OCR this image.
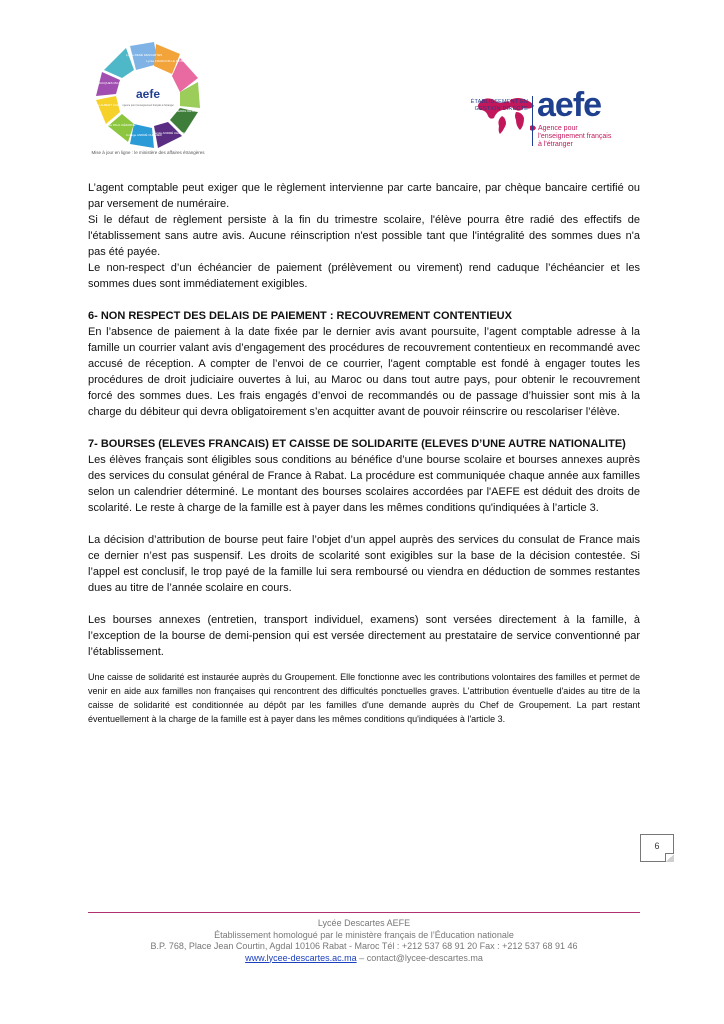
aefe
Agence pour l'enseignement français à l'étranger
Lycée RENÉ DESCARTES
Lycée FRANCOIS LE MONTLIGNE
École PIERRE DE RONSARD
École ANDRÉ CHÉNIER
Collège ANDRÉ CHÉNIER
École PAUL CÉZANNE
École ALBERT CAMUS
Centre JACQUES MAJORELLE
Mise à jour en ligne : le ministère des affaires étrangères
ÉTABLISSEMENT EN GESTION DIRECTE aefe
Agence pour
l'enseignement français
à l'étranger

L’agent comptable peut exiger que le règlement intervienne par carte bancaire, par chèque bancaire certifié ou par versement de numéraire.

Si le défaut de règlement persiste à la fin du trimestre scolaire, l'élève pourra être radié des effectifs de l'établissement sans autre avis. Aucune réinscription n'est possible tant que l'intégralité des sommes dues n'a pas été payée.

Le non-respect d’un échéancier de paiement (prélèvement ou virement) rend caduque l’échéancier et les sommes dues sont immédiatement exigibles.

6- NON RESPECT DES DELAIS DE PAIEMENT : RECOUVREMENT CONTENTIEUX

En l’absence de paiement à la date fixée par le dernier avis avant poursuite, l’agent comptable adresse à la famille un courrier valant avis d’engagement des procédures de recouvrement contentieux en recommandé avec accusé de réception. A compter de l’envoi de ce courrier, l'agent comptable est fondé à engager toutes les procédures de droit judiciaire ouvertes à lui, au Maroc ou dans tout autre pays, pour obtenir le recouvrement forcé des sommes dues. Les frais engagés d’envoi de recommandés ou de passage d’huissier sont mis à la charge du débiteur qui devra obligatoirement s’en acquitter avant de pouvoir réinscrire ou rescolariser l’élève.

7- BOURSES (ELEVES FRANCAIS) ET CAISSE DE SOLIDARITE (ELEVES D’UNE AUTRE NATIONALITE)

Les élèves français sont éligibles sous conditions au bénéfice d’une bourse scolaire et bourses annexes auprès des services du consulat général de France à Rabat. La procédure est communiquée chaque année aux familles selon un calendrier déterminé. Le montant des bourses scolaires accordées par l'AEFE est déduit des droits de scolarité. Le reste à charge de la famille est à payer dans les mêmes conditions qu'indiquées à l’article 3.

La décision d’attribution de bourse peut faire l’objet d’un appel auprès des services du consulat de France mais ce dernier n’est pas suspensif. Les droits de scolarité sont exigibles sur la base de la décision contestée. Si l’appel est conclusif, le trop payé de la famille lui sera remboursé ou viendra en déduction de sommes restantes dues au titre de l’année scolaire en cours.

Les bourses annexes (entretien, transport individuel, examens) sont versées directement à la famille, à l’exception de la bourse de demi-pension qui est versée directement au prestataire de service conventionné par l’établissement.

Une caisse de solidarité est instaurée auprès du Groupement. Elle fonctionne avec les contributions volontaires des familles et permet de venir en aide aux familles non françaises qui rencontrent des difficultés ponctuelles graves. L'attribution éventuelle d'aides au titre de la caisse de solidarité est conditionnée au dépôt par les familles d'une demande auprès du Chef de Groupement. La part restant éventuellement à la charge de la famille est à payer dans les mêmes conditions qu'indiquées à l'article 3.

6
Lycée Descartes AEFE
Établissement homologué par le ministère français de l’Éducation nationale
B.P. 768, Place Jean Courtin, Agdal 10106 Rabat - Maroc Tél : +212 537 68 91 20 Fax : +212 537 68 91 46
www.lycee-descartes.ac.ma – contact@lycee-descartes.ma
